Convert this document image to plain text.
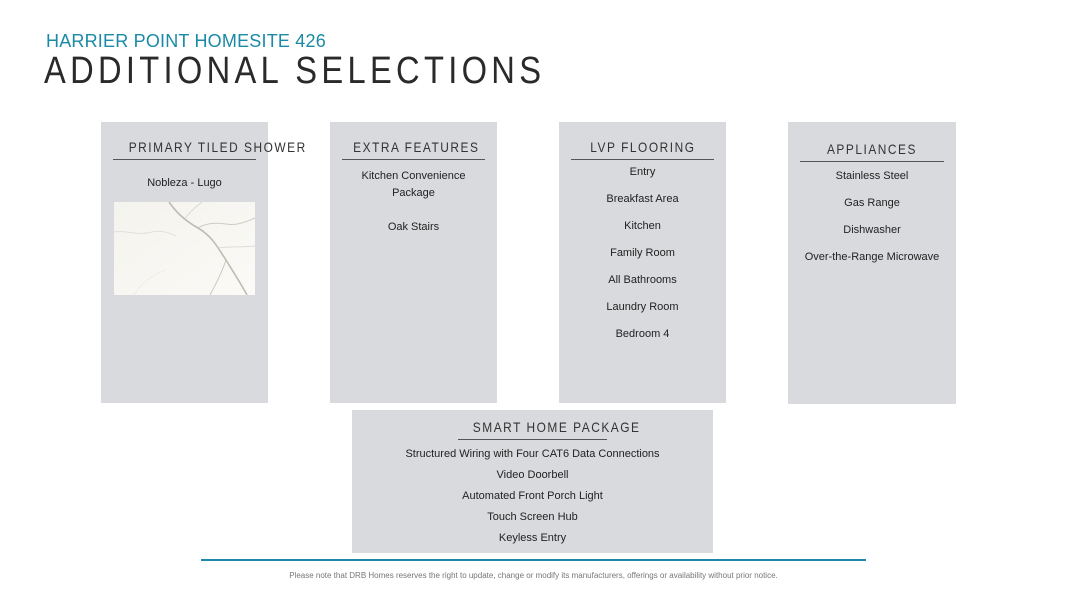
HARRIER POINT HOMESITE 426
ADDITIONAL SELECTIONS
PRIMARY TILED SHOWER
Nobleza - Lugo
EXTRA FEATURES
Kitchen Convenience
Package
Oak Stairs
LVP FLOORING
Entry
Breakfast Area
Kitchen
Family Room
All Bathrooms
Laundry Room
Bedroom 4
APPLIANCES
Stainless Steel
Gas Range
Dishwasher
Over-the-Range Microwave
SMART HOME PACKAGE
Structured Wiring with Four CAT6 Data Connections
Video Doorbell
Automated Front Porch Light
Touch Screen Hub
Keyless Entry
Please note that DRB Homes reserves the right to update, change or modify its manufacturers, offerings or availability without prior notice.
